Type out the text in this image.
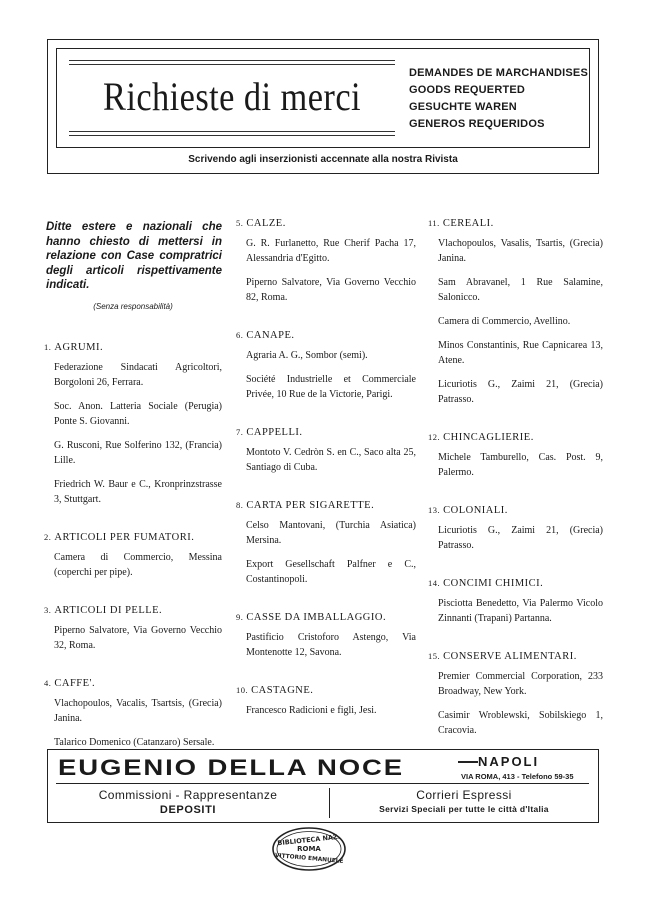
Richieste di merci
DEMANDES DE MARCHANDISES
GOODS REQUERTED
GESUCHTE WAREN
GENEROS REQUERIDOS
Scrivendo agli inserzionisti accennate alla nostra Rivista
Ditte estere e nazionali che hanno chiesto di mettersi in relazione con Case compratrici degli articoli rispettivamente indicati.
(Senza responsabilità)
1. AGRUMI.
Federazione Sindacati Agricoltori, Borgoloni 26, Ferrara.
Soc. Anon. Latteria Sociale (Perugia) Ponte S. Giovanni.
G. Rusconi, Rue Solferino 132, (Francia) Lille.
Friedrich W. Baur e C., Kronprinzstrasse 3, Stuttgart.
2. ARTICOLI PER FUMATORI.
Camera di Commercio, Messina (coperchi per pipe).
3. ARTICOLI DI PELLE.
Piperno Salvatore, Via Governo Vecchio 32, Roma.
4. CAFFE'.
Vlachopoulos, Vacalis, Tsartsis, (Grecia) Janina.
Talarico Domenico (Catanzaro) Sersale.
5. CALZE.
G. R. Furlanetto, Rue Cherif Pacha 17, Alessandria d'Egitto.
Piperno Salvatore, Via Governo Vecchio 82, Roma.
6. CANAPE.
Agraria A. G., Sombor (semi).
Société Industrielle et Commerciale Privée, 10 Rue de la Victorie, Parigi.
7. CAPPELLI.
Montoto V. Cedròn S. en C., Saco alta 25, Santiago di Cuba.
8. CARTA PER SIGARETTE.
Celso Mantovani, (Turchia Asiatica) Mersina.
Export Gesellschaft Palfner e C., Costantinopoli.
9. CASSE DA IMBALLAGGIO.
Pastificio Cristoforo Astengo, Via Montenotte 12, Savona.
10. CASTAGNE.
Francesco Radicioni e figli, Jesi.
11. CEREALI.
Vlachopoulos, Vasalis, Tsartis, (Grecia) Janina.
Sam Abravanel, 1 Rue Salamine, Salonicco.
Camera di Commercio, Avellino.
Minos Constantinis, Rue Capnicarea 13, Atene.
Licuriotis G., Zaimi 21, (Grecia) Patrasso.
12. CHINCAGLIERIE.
Michele Tamburello, Cas. Post. 9, Palermo.
13. COLONIALI.
Licuriotis G., Zaimi 21, (Grecia) Patrasso.
14. CONCIMI CHIMICI.
Pisciotta Benedetto, Via Palermo Vicolo Zinnanti (Trapani) Partanna.
15. CONSERVE ALIMENTARI.
Premier Commercial Corporation, 233 Broadway, New York.
Casimir Wroblewski, Sobilskiego 1, Cracovia.
EUGENIO DELLA NOCE	NAPOLI
VIA ROMA, 413 - Telefono 59-35
Commissioni - Rappresentanze
DEPOSITI
Corrieri Espressi
Servizi Speciali per tutte le città d'Italia
BIBLIOTECA NAZ.
ROMA
VITTORIO EMANUELE
